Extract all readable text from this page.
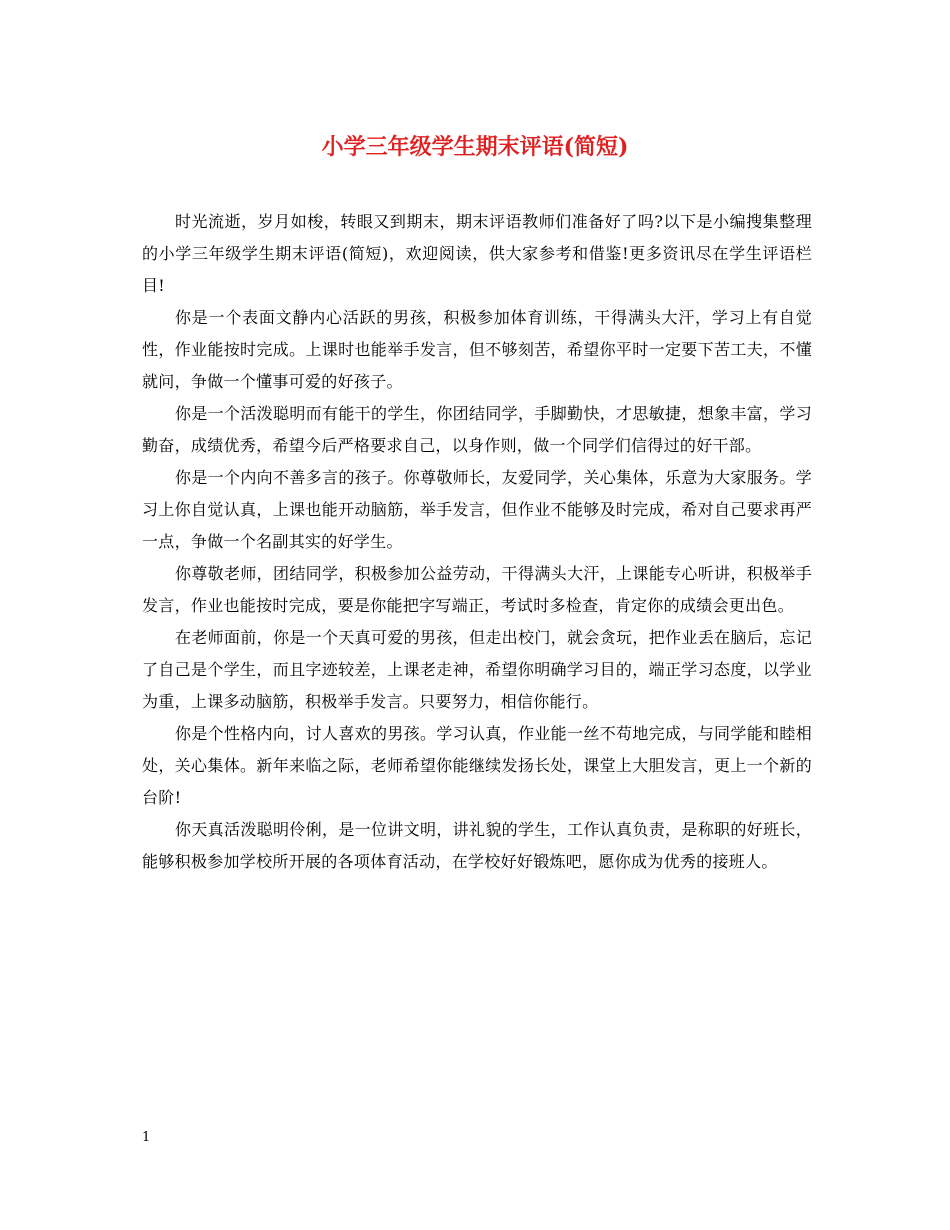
小学三年级学生期末评语(简短)

时光流逝，岁月如梭，转眼又到期末，期末评语教师们准备好了吗?以下是小编搜集整理的小学三年级学生期末评语(简短)，欢迎阅读，供大家参考和借鉴!更多资讯尽在学生评语栏目!

你是一个表面文静内心活跃的男孩，积极参加体育训练，干得满头大汗，学习上有自觉性，作业能按时完成。上课时也能举手发言，但不够刻苦，希望你平时一定要下苦工夫，不懂就问，争做一个懂事可爱的好孩子。

你是一个活泼聪明而有能干的学生，你团结同学，手脚勤快，才思敏捷，想象丰富，学习勤奋，成绩优秀，希望今后严格要求自己，以身作则，做一个同学们信得过的好干部。

你是一个内向不善多言的孩子。你尊敬师长，友爱同学，关心集体，乐意为大家服务。学习上你自觉认真，上课也能开动脑筋，举手发言，但作业不能够及时完成，希对自己要求再严一点，争做一个名副其实的好学生。

你尊敬老师，团结同学，积极参加公益劳动，干得满头大汗，上课能专心听讲，积极举手发言，作业也能按时完成，要是你能把字写端正，考试时多检查，肯定你的成绩会更出色。

在老师面前，你是一个天真可爱的男孩，但走出校门，就会贪玩，把作业丢在脑后，忘记了自己是个学生，而且字迹较差，上课老走神，希望你明确学习目的，端正学习态度，以学业为重，上课多动脑筋，积极举手发言。只要努力，相信你能行。

你是个性格内向，讨人喜欢的男孩。学习认真，作业能一丝不苟地完成，与同学能和睦相处，关心集体。新年来临之际，老师希望你能继续发扬长处，课堂上大胆发言，更上一个新的台阶!

你天真活泼聪明伶俐，是一位讲文明，讲礼貌的学生，工作认真负责，是称职的好班长，能够积极参加学校所开展的各项体育活动，在学校好好锻炼吧，愿你成为优秀的接班人。

1
